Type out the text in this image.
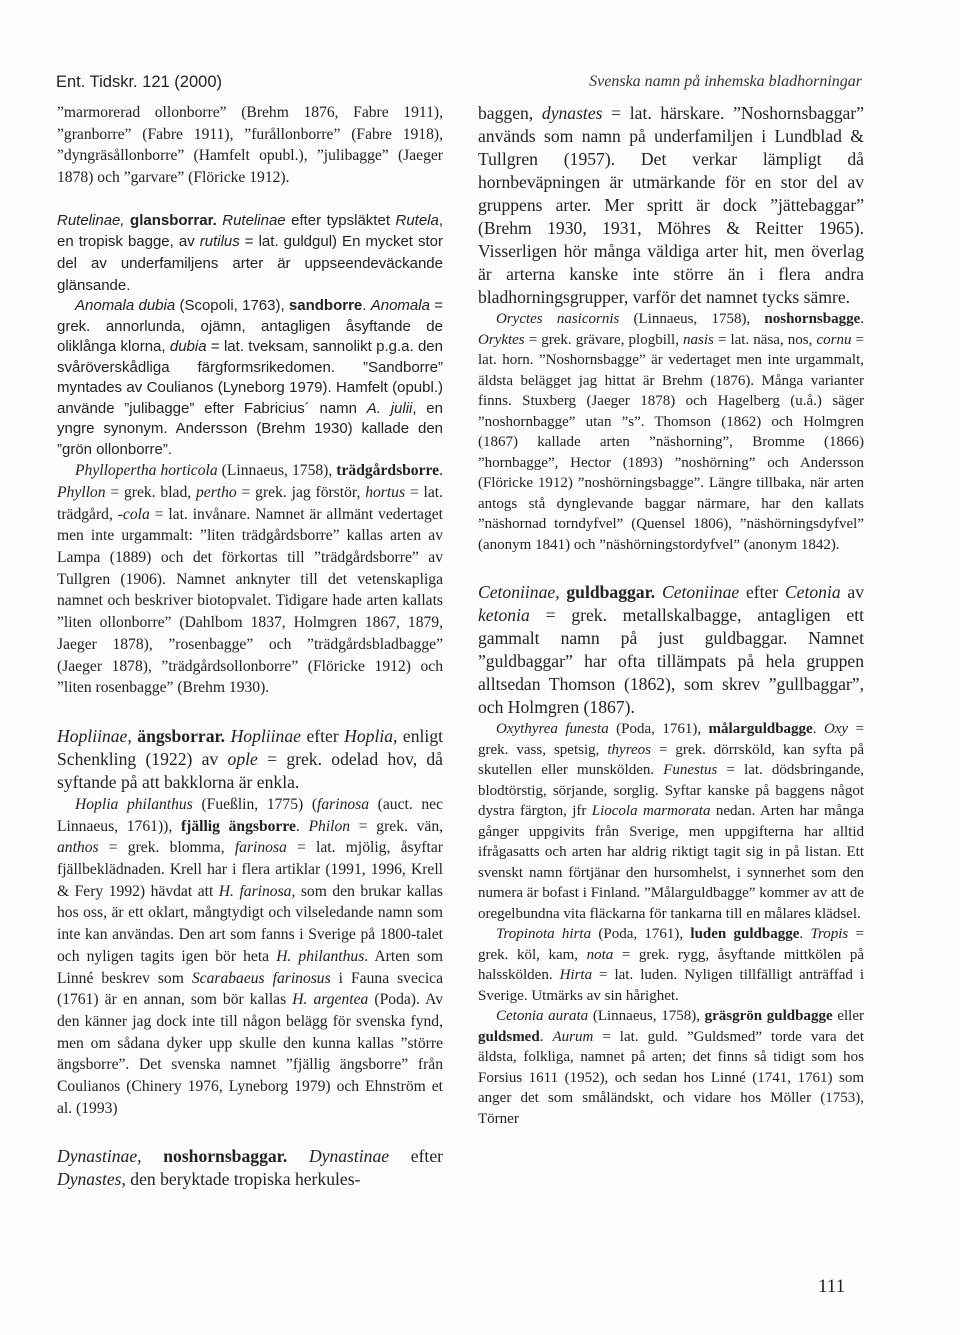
Ent. Tidskr. 121 (2000)	Svenska namn på inhemska bladhorningar

”marmorerad ollonborre” (Brehm 1876, Fabre 1911), ”granborre” (Fabre 1911), ”furållonborre” (Fabre 1918), ”dyngräsållonborre” (Hamfelt opubl.), ”julibagge” (Jaeger 1878) och ”garvare” (Flöricke 1912).

Rutelinae, glansborrar. Rutelinae efter typsläktet Rutela, en tropisk bagge, av rutilus = lat. guldgul) En mycket stor del av underfamiljens arter är uppseendeväckande glänsande.

Anomala dubia (Scopoli, 1763), sandborre. Anomala = grek. annorlunda, ojämn, antagligen åsyftande de oliklånga klorna, dubia = lat. tveksam, sannolikt p.g.a. den svåröverskådliga färgformsrikedomen. ”Sandborre” myntades av Coulianos (Lyneborg 1979). Hamfelt (opubl.) använde ”julibagge” efter Fabricius´ namn A. julii, en yngre synonym. Andersson (Brehm 1930) kallade den ”grön ollonborre”.

Phyllopertha horticola (Linnaeus, 1758), trädgårdsborre. Phyllon = grek. blad, pertho = grek. jag förstör, hortus = lat. trädgård, -cola = lat. invånare. Namnet är allmänt vedertaget men inte urgammalt: ”liten trädgårdsborre” kallas arten av Lampa (1889) och det förkortas till ”trädgårdsborre” av Tullgren (1906). Namnet anknyter till det vetenskapliga namnet och beskriver biotopvalet. Tidigare hade arten kallats ”liten ollonborre” (Dahlbom 1837, Holmgren 1867, 1879, Jaeger 1878), ”rosenbagge” och ”trädgårdsbladbagge” (Jaeger 1878), ”trädgårdsollonborre” (Flöricke 1912) och ”liten rosenbagge” (Brehm 1930).

Hopliinae, ängsborrar. Hopliinae efter Hoplia, enligt Schenkling (1922) av ople = grek. odelad hov, då syftande på att bakklorna är enkla.

Hoplia philanthus (Fueßlin, 1775) (farinosa (auct. nec Linnaeus, 1761)), fjällig ängsborre. Philon = grek. vän, anthos = grek. blomma, farinosa = lat. mjölig, åsyftar fjällbeklädnaden. Krell har i flera artiklar (1991, 1996, Krell & Fery 1992) hävdat att H. farinosa, som den brukar kallas hos oss, är ett oklart, mångtydigt och vilseledande namn som inte kan användas. Den art som fanns i Sverige på 1800-talet och nyligen tagits igen bör heta H. philanthus. Arten som Linné beskrev som Scarabaeus farinosus i Fauna svecica (1761) är en annan, som bör kallas H. argentea (Poda). Av den känner jag dock inte till någon belägg för svenska fynd, men om sådana dyker upp skulle den kunna kallas ”större ängsborre”. Det svenska namnet ”fjällig ängsborre” från Coulianos (Chinery 1976, Lyneborg 1979) och Ehnström et al. (1993)

Dynastinae, noshornsbaggar. Dynastinae efter Dynastes, den beryktade tropiska herkules-

baggen, dynastes = lat. härskare. ”Noshornsbaggar” används som namn på underfamiljen i Lundblad & Tullgren (1957). Det verkar lämpligt då hornbeväpningen är utmärkande för en stor del av gruppens arter. Mer spritt är dock ”jättebaggar” (Brehm 1930, 1931, Möhres & Reitter 1965). Visserligen hör många väldiga arter hit, men överlag är arterna kanske inte större än i flera andra bladhorningsgrupper, varför det namnet tycks sämre.

Oryctes nasicornis (Linnaeus, 1758), noshornsbagge. Oryktes = grek. grävare, plogbill, nasis = lat. näsa, nos, cornu = lat. horn. ”Noshornsbagge” är vedertaget men inte urgammalt, äldsta belägget jag hittat är Brehm (1876). Många varianter finns. Stuxberg (Jaeger 1878) och Hagelberg (u.å.) säger ”noshornbagge” utan ”s”. Thomson (1862) och Holmgren (1867) kallade arten ”näshorning”, Bromme (1866) ”hornbagge”, Hector (1893) ”noshörning” och Andersson (Flöricke 1912) ”noshörningsbagge”. Längre tillbaka, när arten antogs stå dynglevande baggar närmare, har den kallats ”näshornad torndyfvel” (Quensel 1806), ”näshörningsdyfvel” (anonym 1841) och ”näshörningstordyfvel” (anonym 1842).

Cetoniinae, guldbaggar. Cetoniinae efter Cetonia av ketonia = grek. metallskalbagge, antagligen ett gammalt namn på just guldbaggar. Namnet ”guldbaggar” har ofta tillämpats på hela gruppen alltsedan Thomson (1862), som skrev ”gullbaggar”, och Holmgren (1867).

Oxythyrea funesta (Poda, 1761), målarguldbagge. Oxy = grek. vass, spetsig, thyreos = grek. dörrsköld, kan syfta på skutellen eller munskölden. Funestus = lat. dödsbringande, blodtörstig, sörjande, sorglig. Syftar kanske på baggens något dystra färgton, jfr Liocola marmorata nedan. Arten har många gånger uppgivits från Sverige, men uppgifterna har alltid ifrågasatts och arten har aldrig riktigt tagit sig in på listan. Ett svenskt namn förtjänar den hursomhelst, i synnerhet som den numera är bofast i Finland. ”Målarguldbagge” kommer av att de oregelbundna vita fläckarna för tankarna till en målares klädsel.

Tropinota hirta (Poda, 1761), luden guldbagge. Tropis = grek. köl, kam, nota = grek. rygg, åsyftande mittkölen på halsskölden. Hirta = lat. luden. Nyligen tillfälligt anträffad i Sverige. Utmärks av sin hårighet.

Cetonia aurata (Linnaeus, 1758), gräsgrön guldbagge eller guldsmed. Aurum = lat. guld. ”Guldsmed” torde vara det äldsta, folkliga, namnet på arten; det finns så tidigt som hos Forsius 1611 (1952), och sedan hos Linné (1741, 1761) som anger det som småländskt, och vidare hos Möller (1753), Törner

111
